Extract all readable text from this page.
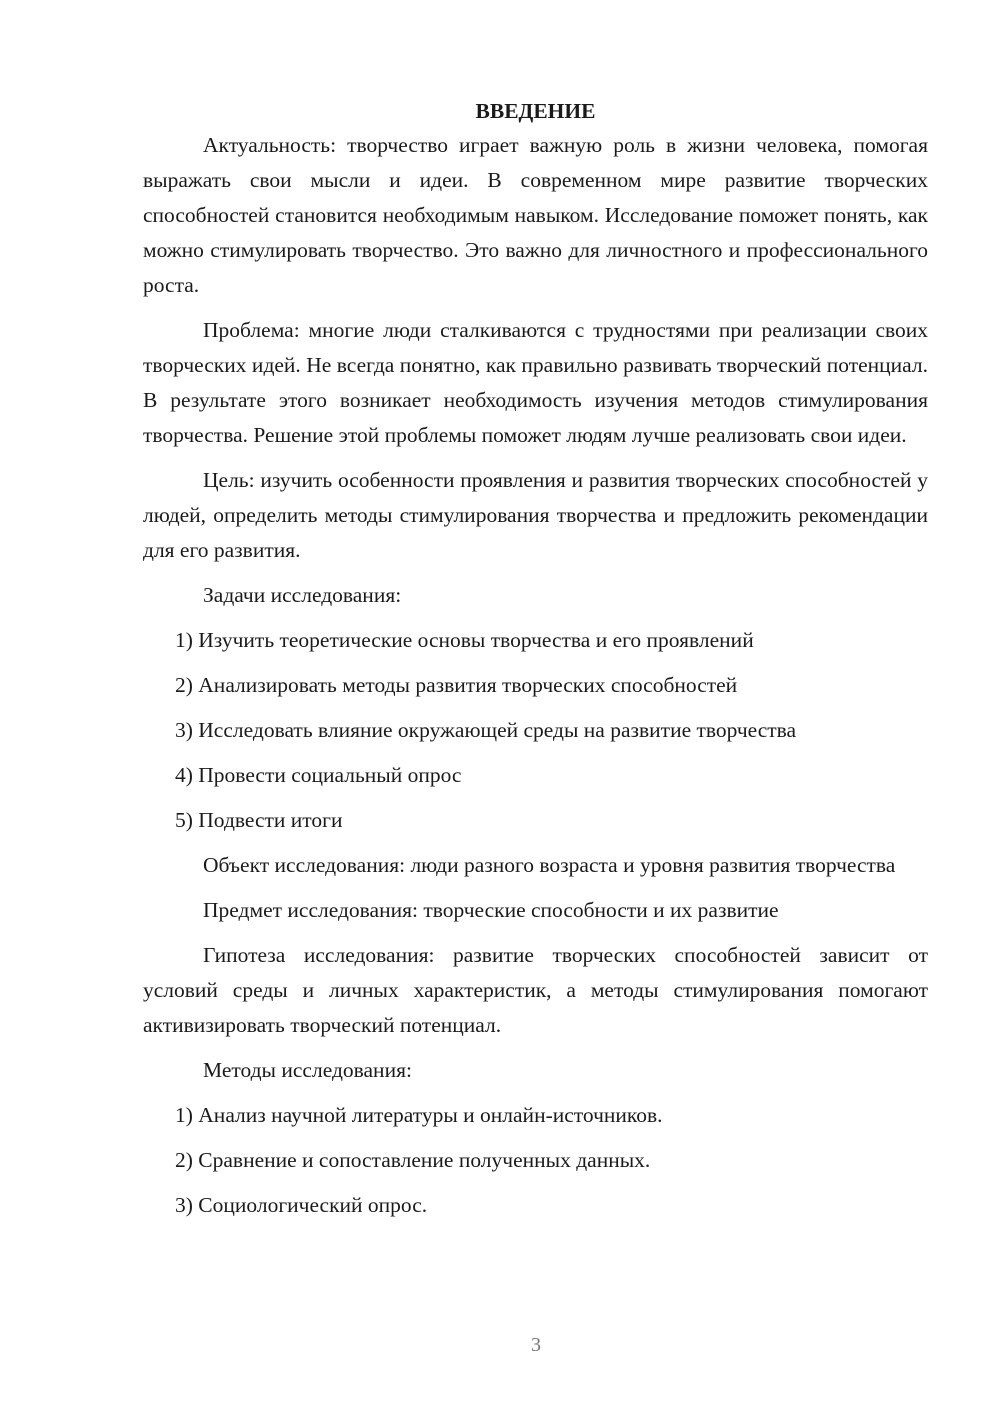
ВВЕДЕНИЕ

Актуальность: творчество играет важную роль в жизни человека, помогая выражать свои мысли и идеи. В современном мире развитие творческих способностей становится необходимым навыком. Исследование поможет понять, как можно стимулировать творчество. Это важно для личностного и профессионального роста.

Проблема: многие люди сталкиваются с трудностями при реализации своих творческих идей. Не всегда понятно, как правильно развивать творческий потенциал. В результате этого возникает необходимость изучения методов стимулирования творчества. Решение этой проблемы поможет людям лучше реализовать свои идеи.

Цель: изучить особенности проявления и развития творческих способностей у людей, определить методы стимулирования творчества и предложить рекомендации для его развития.

Задачи исследования:
1) Изучить теоретические основы творчества и его проявлений
2) Анализировать методы развития творческих способностей
3) Исследовать влияние окружающей среды на развитие творчества
4) Провести социальный опрос
5) Подвести итоги

Объект исследования: люди разного возраста и уровня развития творчества

Предмет исследования: творческие способности и их развитие

Гипотеза исследования: развитие творческих способностей зависит от условий среды и личных характеристик, а методы стимулирования помогают активизировать творческий потенциал.

Методы исследования:
1) Анализ научной литературы и онлайн-источников.
2) Сравнение и сопоставление полученных данных.
3) Социологический опрос.
3
